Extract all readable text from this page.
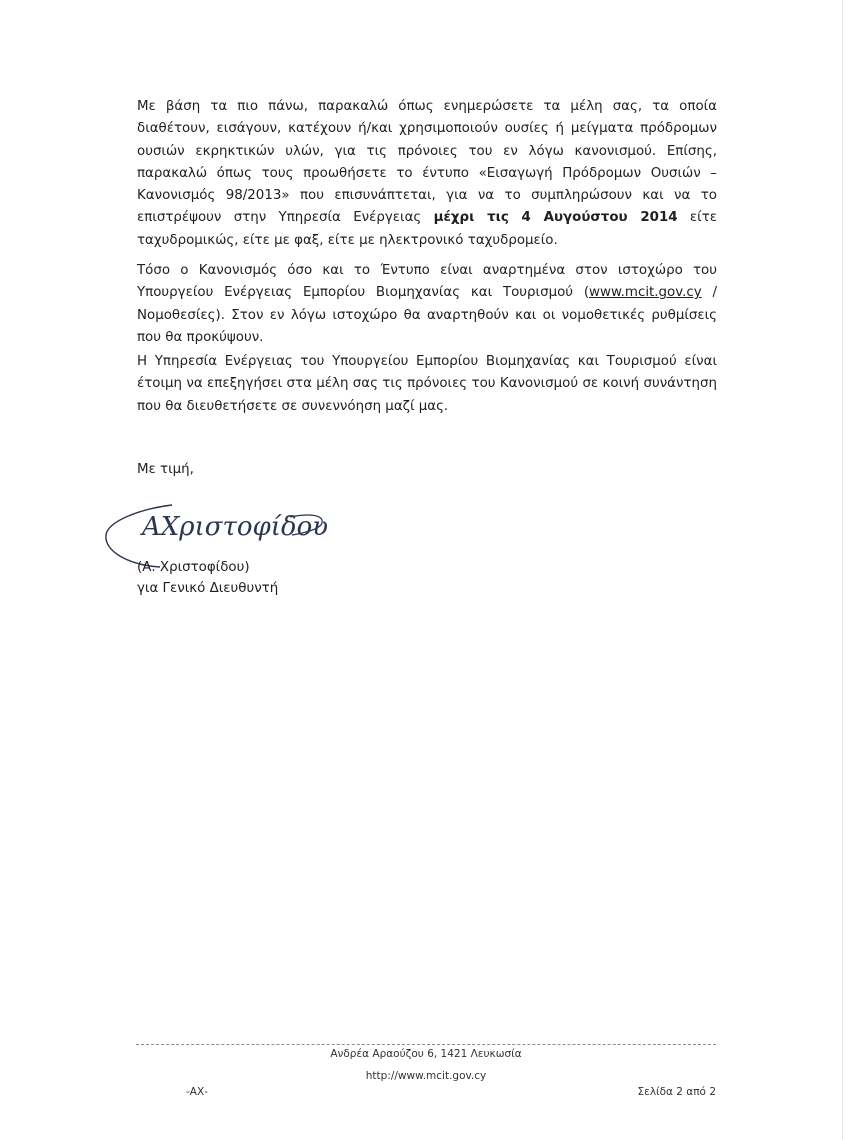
Με βάση τα πιο πάνω, παρακαλώ όπως ενημερώσετε τα μέλη σας, τα οποία διαθέτουν, εισάγουν, κατέχουν ή/και χρησιμοποιούν ουσίες ή μείγματα πρόδρομων ουσιών εκρηκτικών υλών, για τις πρόνοιες του εν λόγω κανονισμού. Επίσης, παρακαλώ όπως τους προωθήσετε το έντυπο «Εισαγωγή Πρόδρομων Ουσιών – Κανονισμός 98/2013» που επισυνάπτεται, για να το συμπληρώσουν και να το επιστρέψουν στην Υπηρεσία Ενέργειας μέχρι τις 4 Αυγούστου 2014 είτε ταχυδρομικώς, είτε με φαξ, είτε με ηλεκτρονικό ταχυδρομείο.

Τόσο ο Κανονισμός όσο και το Έντυπο είναι αναρτημένα στον ιστοχώρο του Υπουργείου Ενέργειας Εμπορίου Βιομηχανίας και Τουρισμού (www.mcit.gov.cy / Νομοθεσίες). Στον εν λόγω ιστοχώρο θα αναρτηθούν και οι νομοθετικές ρυθμίσεις που θα προκύψουν.

Η Υπηρεσία Ενέργειας του Υπουργείου Εμπορίου Βιομηχανίας και Τουρισμού είναι έτοιμη να επεξηγήσει στα μέλη σας τις πρόνοιες του Κανονισμού σε κοινή συνάντηση που θα διευθετήσετε σε συνεννόηση μαζί μας.

Με τιμή,
ΑΧριστοφίδου
(Α. Χριστοφίδου)
για Γενικό Διευθυντή
Ανδρέα Αραούζου 6, 1421 Λευκωσία
http://www.mcit.gov.cy
-ΑΧ-	Σελίδα 2 από 2
